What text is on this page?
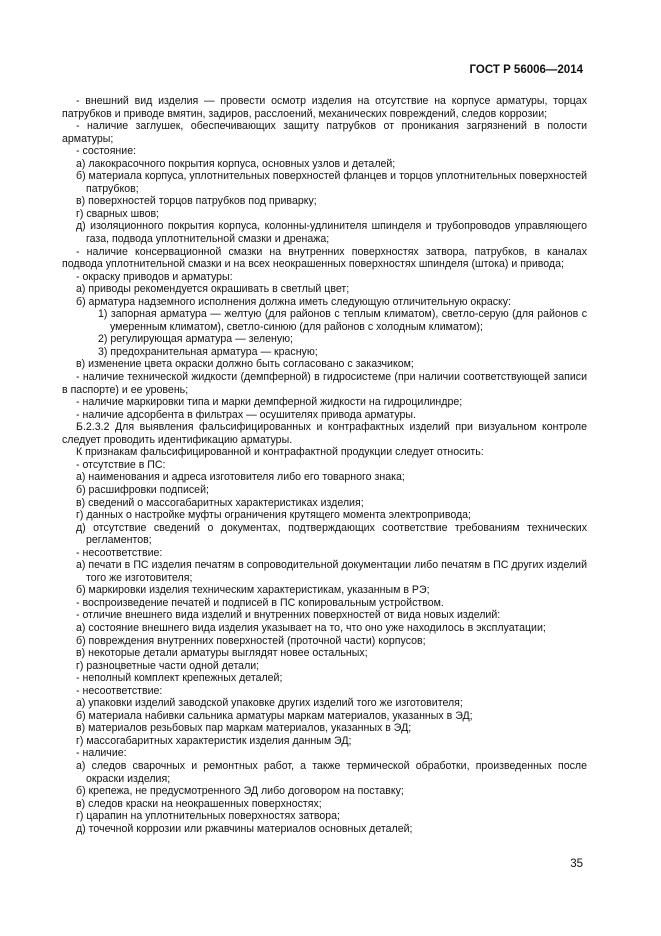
ГОСТ Р 56006—2014

- внешний вид изделия — провести осмотр изделия на отсутствие на корпусе арматуры, торцах патрубков и приводе вмятин, задиров, расслоений, механических повреждений, следов коррозии;

- наличие заглушек, обеспечивающих защиту патрубков от проникания загрязнений в полости арматуры;

- состояние:

а) лакокрасочного покрытия корпуса, основных узлов и деталей;

б) материала корпуса, уплотнительных поверхностей фланцев и торцов уплотнительных поверхностей патрубков;

в) поверхностей торцов патрубков под приварку;

г) сварных швов;

д) изоляционного покрытия корпуса, колонны-удлинителя шпинделя и трубопроводов управляющего газа, подвода уплотнительной смазки и дренажа;

- наличие консервационной смазки на внутренних поверхностях затвора, патрубков, в каналах подвода уплотнительной смазки и на всех неокрашенных поверхностях шпинделя (штока) и привода;

- окраску приводов и арматуры:

а) приводы рекомендуется окрашивать в светлый цвет;

б) арматура надземного исполнения должна иметь следующую отличительную окраску:

1) запорная арматура — желтую (для районов с теплым климатом), светло-серую (для районов с умеренным климатом), светло-синюю (для районов с холодным климатом);

2) регулирующая арматура — зеленую;

3) предохранительная арматура — красную;

в) изменение цвета окраски должно быть согласовано с заказчиком;

- наличие технической жидкости (демпферной) в гидросистеме (при наличии соответствующей записи в паспорте) и ее уровень;

- наличие маркировки типа и марки демпферной жидкости на гидроцилиндре;

- наличие адсорбента в фильтрах — осушителях привода арматуры.

Б.2.3.2 Для выявления фальсифицированных и контрафактных изделий при визуальном контроле следует проводить идентификацию арматуры.

К признакам фальсифицированной и контрафактной продукции следует относить:

- отсутствие в ПС:

а) наименования и адреса изготовителя либо его товарного знака;

б) расшифровки подписей;

в) сведений о массогабаритных характеристиках изделия;

г) данных о настройке муфты ограничения крутящего момента электропривода;

д) отсутствие сведений о документах, подтверждающих соответствие требованиям технических регламентов;

- несоответствие:

а) печати в ПС изделия печатям в сопроводительной документации либо печатям в ПС других изделий того же изготовителя;

б) маркировки изделия техническим характеристикам, указанным в РЭ;

- воспроизведение печатей и подписей в ПС копировальным устройством.

- отличие внешнего вида изделий и внутренних поверхностей от вида новых изделий:

а) состояние внешнего вида изделия указывает на то, что оно уже находилось в эксплуатации;

б) повреждения внутренних поверхностей (проточной части) корпусов;

в) некоторые детали арматуры выглядят новее остальных;

г) разноцветные части одной детали;

- неполный комплект крепежных деталей;

- несоответствие:

а) упаковки изделий заводской упаковке других изделий того же изготовителя;

б) материала набивки сальника арматуры маркам материалов, указанных в ЭД;

в) материалов резьбовых пар маркам материалов, указанных в ЭД;

г) массогабаритных характеристик изделия данным ЭД;

- наличие:

а) следов сварочных и ремонтных работ, а также термической обработки, произведенных после окраски изделия;

б) крепежа, не предусмотренного ЭД либо договором на поставку;

в) следов краски на неокрашенных поверхностях;

г) царапин на уплотнительных поверхностях затвора;

д) точечной коррозии или ржавчины материалов основных деталей;

35
